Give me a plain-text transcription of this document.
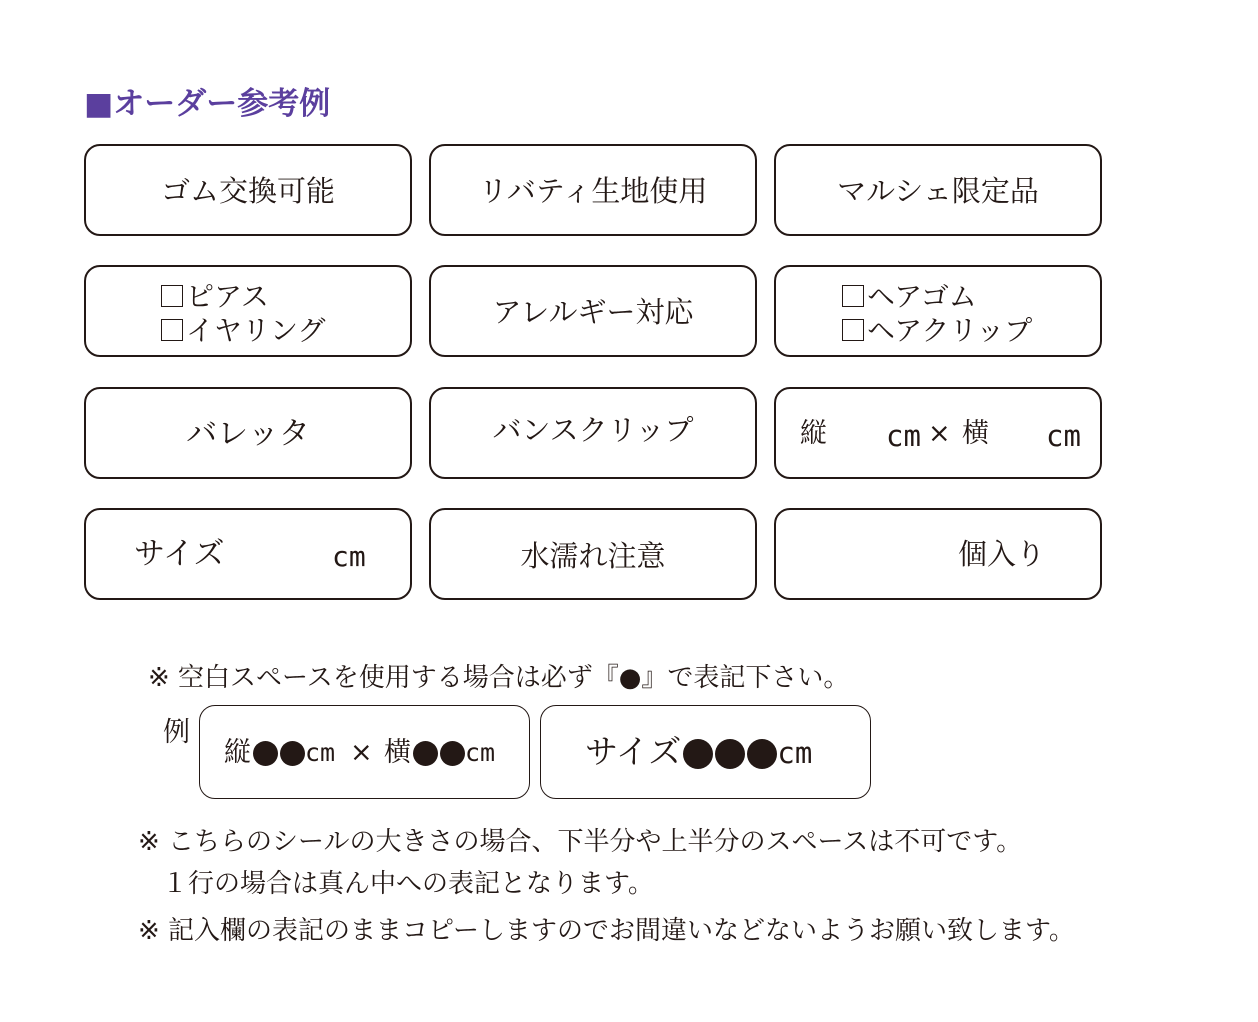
■オーダー参考例
ゴム交換可能	リバティ生地使用	マルシェ限定品
ピアス
イヤリング
アレルギー対応	ヘアゴム
ヘアクリップ
バレッタ	バンスクリップ	縦 cm × 横 cm
サイズ	cm	水濡れ注意	個入り
※ 空白スペースを使用する場合は必ず『●』で表記下さい。
例
縦 cm × 横 cm	サイズ	cm
※ こちらのシールの大きさの場合、下半分や上半分のスペースは不可です。
１行の場合は真ん中への表記となります。
※ 記入欄の表記のままコピーしますのでお間違いなどないようお願い致します。
